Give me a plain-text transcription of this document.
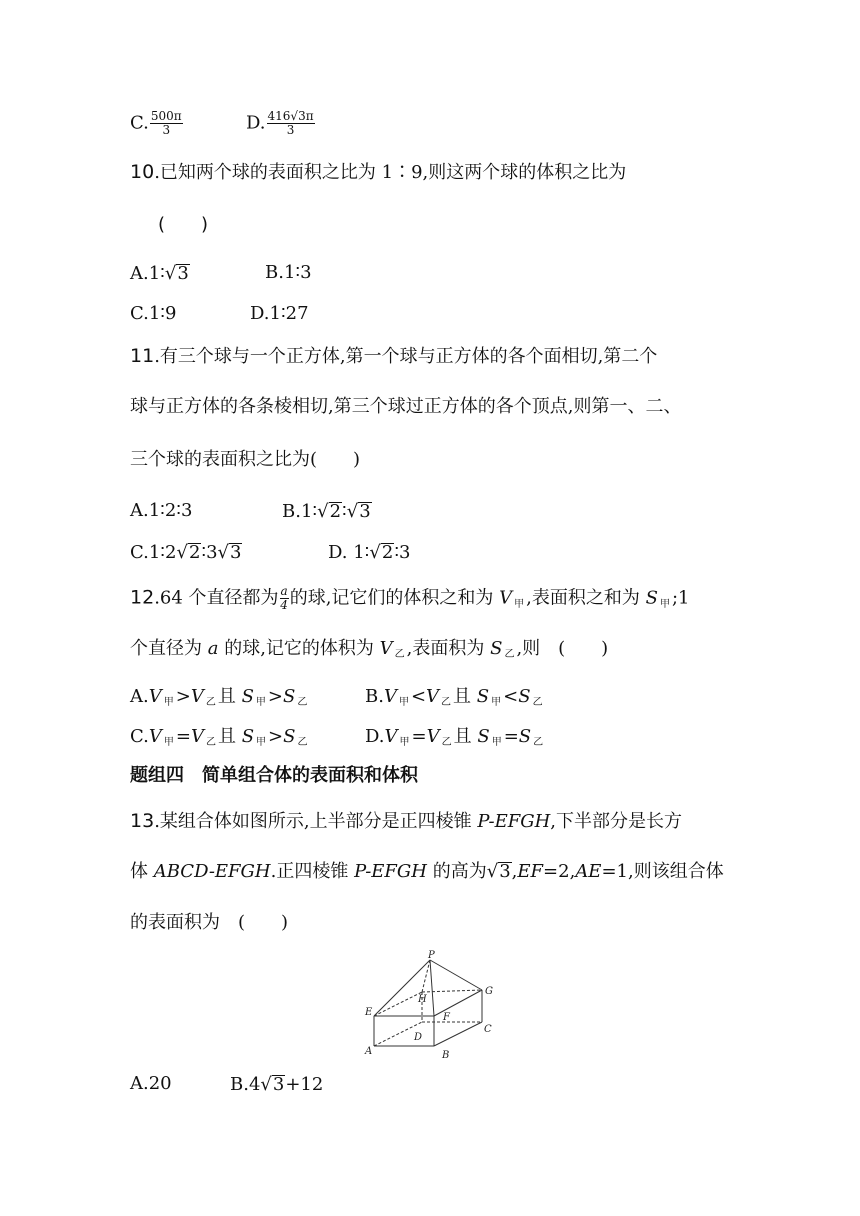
C. $\frac{500\pi}{3}$	D. $\frac{416√3\pi}{3}$
10.已知两个球的表面积之比为 1∶9,则这两个球的体积之比为
(　　)
A.1∶√3	B.1∶3
C.1∶9	D.1∶27
11.有三个球与一个正方体,第一个球与正方体的各个面相切,第二个
球与正方体的各条棱相切,第三个球过正方体的各个顶点,则第一、二、
三个球的表面积之比为(　　)
A.1∶2∶3	B.1∶√2∶√3
C.1∶2√2∶3√3	D. 1∶√2∶3
12.64 个直径都为 $\frac{a}{4}$ 的球,记它们的体积之和为 V 甲 ,表面积之和为 S 甲 ;1
个直径为 a 的球,记它的体积为 V 乙 ,表面积为 S 乙 ,则　(　　)
A.V 甲 >V 乙 且 S 甲 >S 乙	B.V 甲 <V 乙 且 S 甲 <S 乙
C.V 甲 =V 乙 且 S 甲 >S 乙	D.V 甲 =V 乙 且 S 甲 =S 乙
题组四　简单组合体的表面积和体积
13.某组合体如图所示,上半部分是正四棱锥 P-EFGH,下半部分是长方
体 ABCD-EFGH.正四棱锥 P-EFGH 的高为√3,EF=2,AE=1,则该组合体
的表面积为　(　　)
P
H
G
E	F
C
D
A	B
A.20	B.4√3+12
